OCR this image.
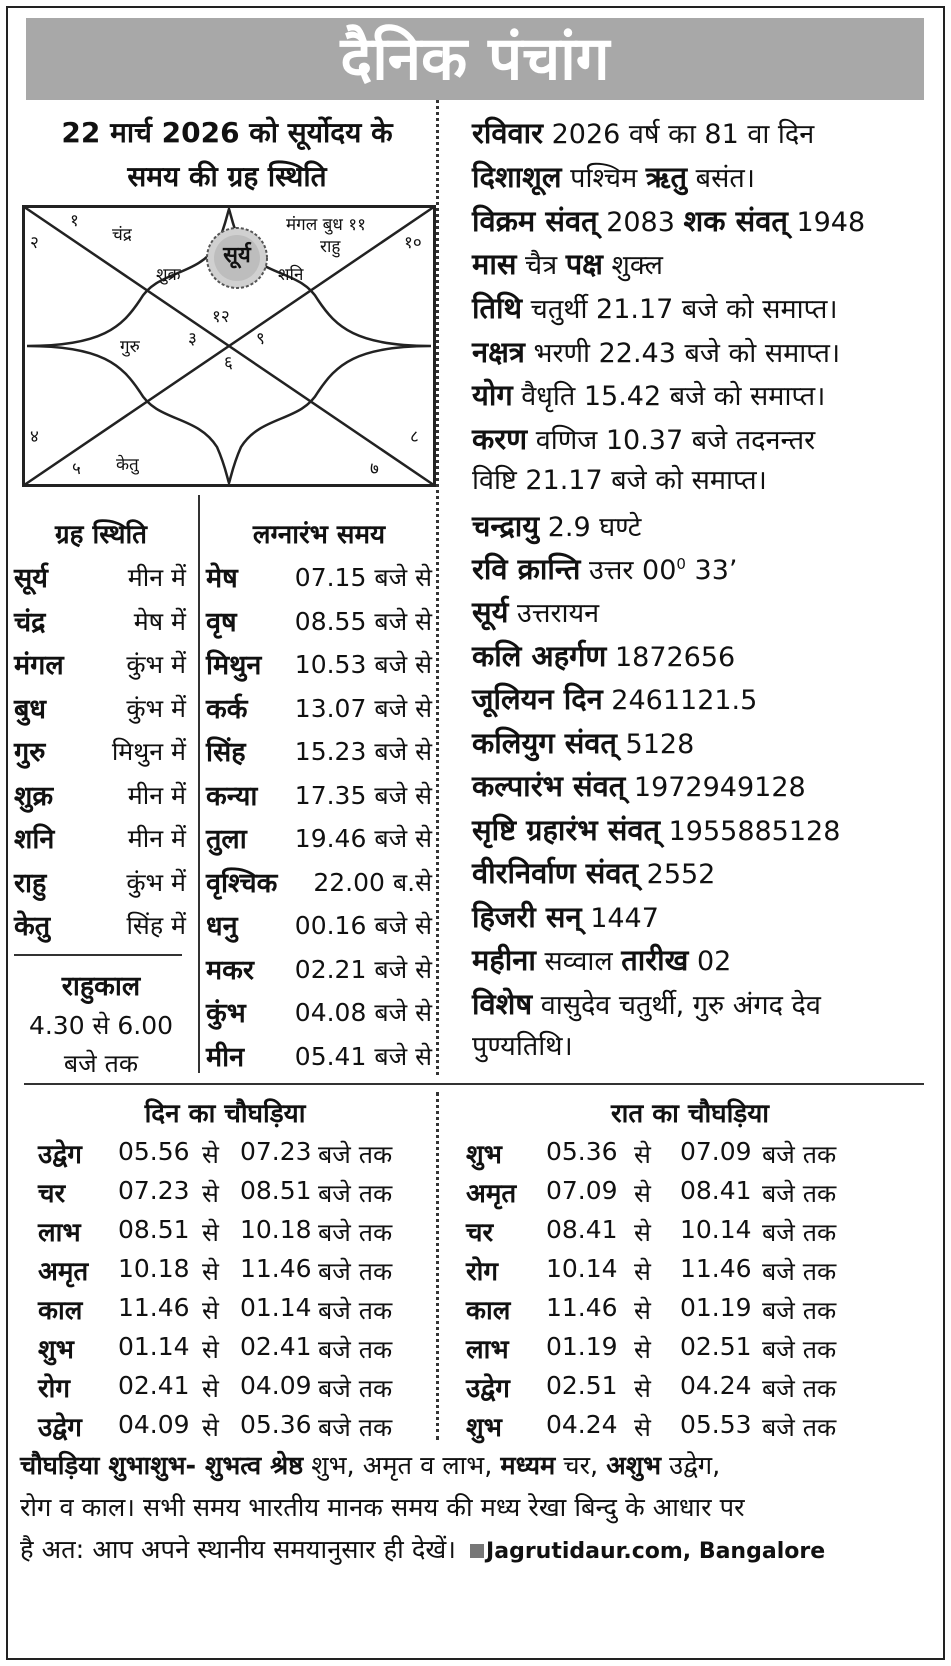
दैनिक पंचांग
22 मार्च 2026 को सूर्योदय के
समय की ग्रह स्थिति
सूर्य
१
२
३
४
५
६
७
८
९
१०
१२
चंद्र	मंगल बुध ११
राहु
शुक्र	शनि
गुरु
केतु
ग्रह स्थिति
सूर्य	मीन में
चंद्र	मेष में
मंगल	कुंभ में
बुध	कुंभ में
गुरु	मिथुन में
शुक्र	मीन में
शनि	मीन में
राहु	कुंभ में
केतु	सिंह में
राहुकाल
4.30 से 6.00
बजे तक
लग्नारंभ समय
मेष	07.15 बजे से
वृष	08.55 बजे से
मिथुन	10.53 बजे से
कर्क	13.07 बजे से
सिंह	15.23 बजे से
कन्या	17.35 बजे से
तुला	19.46 बजे से
वृश्चिक	22.00 ब.से
धनु	00.16 बजे से
मकर	02.21 बजे से
कुंभ	04.08 बजे से
मीन	05.41 बजे से
रविवार 2026 वर्ष का 81 वा दिन
दिशाशूल पश्चिम ऋतु बसंत।
विक्रम संवत् 2083 शक संवत् 1948
मास चैत्र पक्ष शुक्ल
तिथि चतुर्थी 21.17 बजे को समाप्त।
नक्षत्र भरणी 22.43 बजे को समाप्त।
योग वैधृति 15.42 बजे को समाप्त।
करण वणिज 10.37 बजे तदनन्तर
विष्टि 21.17 बजे को समाप्त।
चन्द्रायु 2.9 घण्टे
रवि क्रान्ति उत्तर $00^0$ 33’
सूर्य उत्तरायन
कलि अहर्गण 1872656
जूलियन दिन 2461121.5
कलियुग संवत् 5128
कल्पारंभ संवत् 1972949128
सृष्टि ग्रहारंभ संवत् 1955885128
वीरनिर्वाण संवत् 2552
हिजरी सन् 1447
महीना सव्वाल तारीख 02
विशेष वासुदेव चतुर्थी, गुरु अंगद देव
पुण्यतिथि।
दिन का चौघड़िया	रात का चौघड़िया
उद्वेग 05.56 से 07.23 बजे तक
चर 07.23 से 08.51 बजे तक
लाभ 08.51 से 10.18 बजे तक
अमृत 10.18 से 11.46 बजे तक
काल 11.46 से 01.14 बजे तक
शुभ 01.14 से 02.41 बजे तक
रोग 02.41 से 04.09 बजे तक
उद्वेग 04.09 से 05.36 बजे तक
शुभ 05.36 से 07.09 बजे तक
अमृत 07.09 से 08.41 बजे तक
चर 08.41 से 10.14 बजे तक
रोग 10.14 से 11.46 बजे तक
काल 11.46 से 01.19 बजे तक
लाभ 01.19 से 02.51 बजे तक
उद्वेग 02.51 से 04.24 बजे तक
शुभ 04.24 से 05.53 बजे तक
चौघड़िया शुभाशुभ- शुभत्व श्रेष्ठ शुभ, अमृत व लाभ, मध्यम चर, अशुभ उद्वेग,
रोग व काल। सभी समय भारतीय मानक समय की मध्य रेखा बिन्दु के आधार पर
है अत: आप अपने स्थानीय समयानुसार ही देखें। Jagrutidaur.com, Bangalore
